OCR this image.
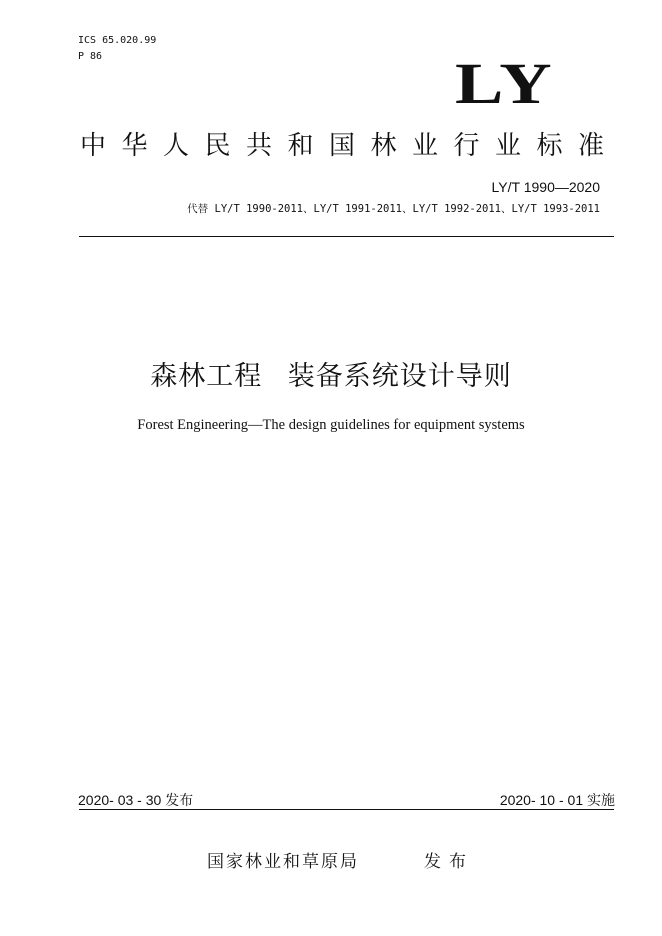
ICS 65.020.99
P 86	LY
中华人民共和国林业行业标准
LY/T 1990—2020
代替 LY/T 1990-2011、LY/T 1991-2011、LY/T 1992-2011、LY/T 1993-2011
森林工程   装备系统设计导则
Forest Engineering—The design guidelines for equipment systems
2020- 03 - 30 发布	2020- 10 - 01 实施
国家林业和草原局	发布
